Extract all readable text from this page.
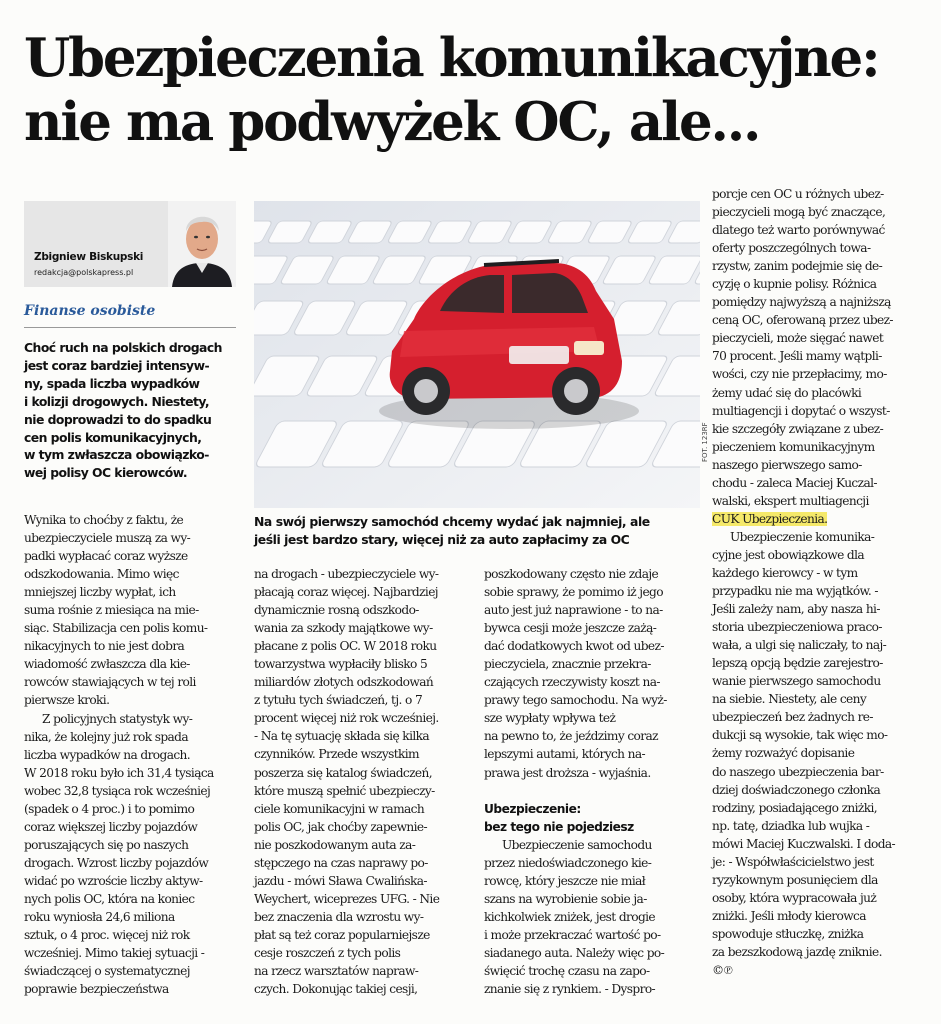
Ubezpieczenia komunikacyjne:
nie ma podwyżek OC, ale...
Zbigniew Biskupski
redakcja@polskapress.pl
Finanse osobiste
Choć ruch na polskich drogach
jest coraz bardziej intensyw-
ny, spada liczba wypadków
i kolizji drogowych. Niestety,
nie doprowadzi to do spadku
cen polis komunikacyjnych,
w tym zwłaszcza obowiązko-
wej polisy OC kierowców.
FOT. 123RF
Na swój pierwszy samochód chcemy wydać jak najmniej, ale
jeśli jest bardzo stary, więcej niż za auto zapłacimy za OC
Wynika to choćby z faktu, że
ubezpieczyciele muszą za wy-
padki wypłacać coraz wyższe
odszkodowania. Mimo więc
mniejszej liczby wypłat, ich
suma rośnie z miesiąca na mie-
siąc. Stabilizacja cen polis komu-
nikacyjnych to nie jest dobra
wiadomość zwłaszcza dla kie-
rowców stawiających w tej roli
pierwsze kroki.
Z policyjnych statystyk wy-
nika, że kolejny już rok spada
liczba wypadków na drogach.
W 2018 roku było ich 31,4 tysiąca
wobec 32,8 tysiąca rok wcześniej
(spadek o 4 proc.) i to pomimo
coraz większej liczby pojazdów
poruszających się po naszych
drogach. Wzrost liczby pojazdów
widać po wzroście liczby aktyw-
nych polis OC, która na koniec
roku wyniosła 24,6 miliona
sztuk, o 4 proc. więcej niż rok
wcześniej. Mimo takiej sytuacji -
świadczącej o systematycznej
poprawie bezpieczeństwa
na drogach - ubezpieczyciele wy-
płacają coraz więcej. Najbardziej
dynamicznie rosną odszkodo-
wania za szkody majątkowe wy-
płacane z polis OC. W 2018 roku
towarzystwa wypłaciły blisko 5
miliardów złotych odszkodowań
z tytułu tych świadczeń, tj. o 7
procent więcej niż rok wcześniej.
- Na tę sytuację składa się kilka
czynników. Przede wszystkim
poszerza się katalog świadczeń,
które muszą spełnić ubezpieczy-
ciele komunikacyjni w ramach
polis OC, jak choćby zapewnie-
nie poszkodowanym auta za-
stępczego na czas naprawy po-
jazdu - mówi Sława Cwalińska-
Weychert, wiceprezes UFG. - Nie
bez znaczenia dla wzrostu wy-
płat są też coraz popularniejsze
cesje roszczeń z tych polis
na rzecz warsztatów napraw-
czych. Dokonując takiej cesji,
poszkodowany często nie zdaje
sobie sprawy, że pomimo iż jego
auto jest już naprawione - to na-
bywca cesji może jeszcze zażą-
dać dodatkowych kwot od ubez-
pieczyciela, znacznie przekra-
czających rzeczywisty koszt na-
prawy tego samochodu. Na wyż-
sze wypłaty wpływa też
na pewno to, że jeździmy coraz
lepszymi autami, których na-
prawa jest droższa - wyjaśnia.
Ubezpieczenie:
bez tego nie pojedziesz
Ubezpieczenie samochodu
przez niedoświadczonego kie-
rowcę, który jeszcze nie miał
szans na wyrobienie sobie ja-
kichkolwiek zniżek, jest drogie
i może przekraczać wartość po-
siadanego auta. Należy więc po-
święcić trochę czasu na zapo-
znanie się z rynkiem. - Dyspro-
porcje cen OC u różnych ubez-
pieczycieli mogą być znaczące,
dlatego też warto porównywać
oferty poszczególnych towa-
rzystw, zanim podejmie się de-
cyzję o kupnie polisy. Różnica
pomiędzy najwyższą a najniższą
ceną OC, oferowaną przez ubez-
pieczycieli, może sięgać nawet
70 procent. Jeśli mamy wątpli-
wości, czy nie przepłacimy, mo-
żemy udać się do placówki
multiagencji i dopytać o wszyst-
kie szczegóły związane z ubez-
pieczeniem komunikacyjnym
naszego pierwszego samo-
chodu - zaleca Maciej Kuczal-
walski, ekspert multiagencji
CUK Ubezpieczenia.
Ubezpieczenie komunika-
cyjne jest obowiązkowe dla
każdego kierowcy - w tym
przypadku nie ma wyjątków. -
Jeśli zależy nam, aby nasza hi-
storia ubezpieczeniowa praco-
wała, a ulgi się naliczały, to naj-
lepszą opcją będzie zarejestro-
wanie pierwszego samochodu
na siebie. Niestety, ale ceny
ubezpieczeń bez żadnych re-
dukcji są wysokie, tak więc mo-
żemy rozważyć dopisanie
do naszego ubezpieczenia bar-
dziej doświadczonego członka
rodziny, posiadającego zniżki,
np. tatę, dziadka lub wujka -
mówi Maciej Kuczwalski. I doda-
je: - Współwłaścicielstwo jest
ryzykownym posunięciem dla
osoby, która wypracowała już
zniżki. Jeśli młody kierowca
spowoduje stłuczkę, zniżka
za bezszkodową jazdę zniknie.
©℗
